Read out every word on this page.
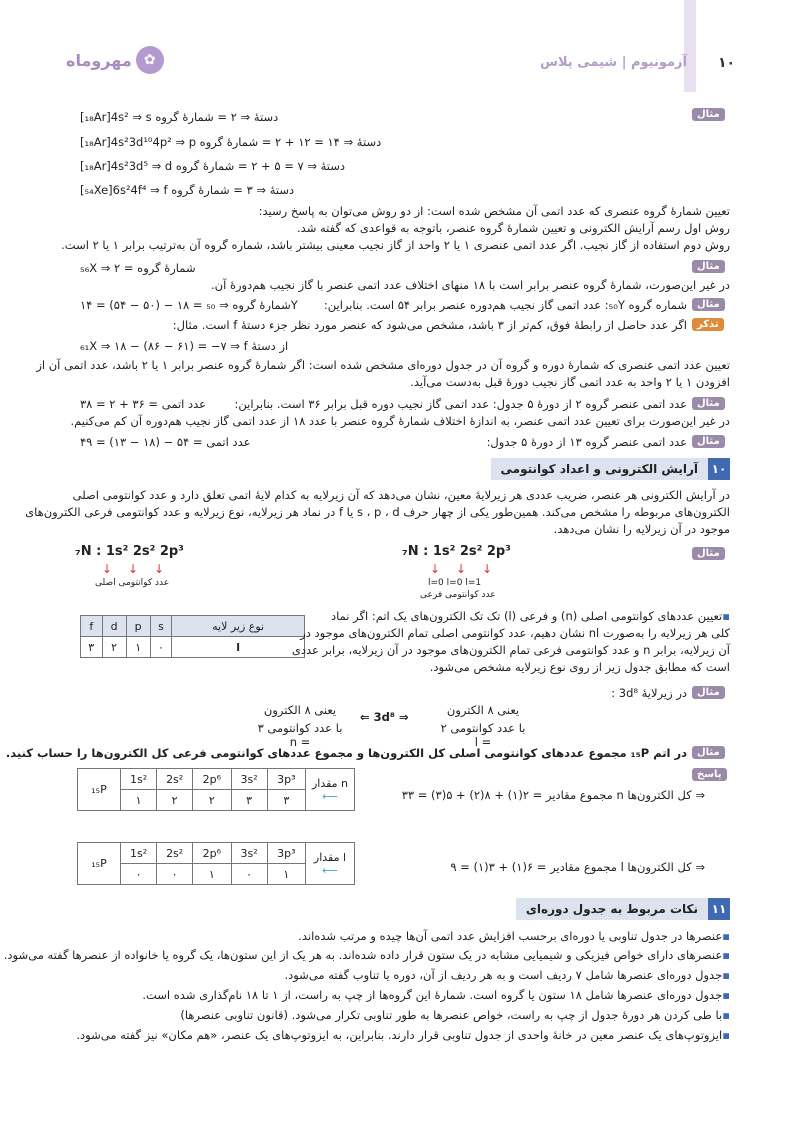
۱۰
آزمونیوم | شیمی پلاس
مهروماه ✿
مثال
[₁₈Ar]4s² ⇒ s دستهٔ ⇒ ۲ = شمارهٔ گروه
[₁₈Ar]4s²3d¹⁰4p² ⇒ p دستهٔ ⇒ ۱۴ = ۱۲ + ۲ = شمارهٔ گروه
[₁₈Ar]4s²3d⁵ ⇒ d دستهٔ ⇒ ۷ = ۵ + ۲ = شمارهٔ گروه
[₅₄Xe]6s²4f⁴ ⇒ f دستهٔ ⇒ ۳ = شمارهٔ گروه
تعیین شمارهٔ گروه عنصری که عدد اتمی آن مشخص شده است: از دو روش می‌توان به پاسخ رسید:
روش اول رسم آرایش الکترونی و تعیین شمارهٔ گروه عنصر، باتوجه به قواعدی که گفته شد.
روش دوم استفاده از گاز نجیب. اگر عدد اتمی عنصری ۱ یا ۲ واحد از گاز نجیب معینی بیشتر باشد، شماره گروه آن به‌ترتیب برابر ۱ یا ۲ است.
مثال
₅₆X ⇒ ۲ = شمارهٔ گروه
در غیر این‌صورت، شمارهٔ گروه عنصر برابر است با ۱۸ منهای اختلاف عدد اتمی عنصر با گاز نجیب هم‌دورهٔ آن.
مثال
شماره گروه ₅₀Y: عدد اتمی گاز نجیب هم‌دوره عنصر برابر ۵۴ است. بنابراین:
۱۴ = (۵۴ − ۵۰) − ۱۸ = شمارهٔ گروه ⇒ ₅₀Y
تذکر
اگر عدد حاصل از رابطهٔ فوق، کم‌تر از ۳ باشد، مشخص می‌شود که عنصر مورد نظر جزء دستهٔ f است. مثال:
₆₁X ⇒ ۱۸ − (۸۶ − ۶۱) = −۷ ⇒ f از دستهٔ
تعیین عدد اتمی عنصری که شمارهٔ دوره و گروه آن در جدول دوره‌ای مشخص شده است: اگر شمارهٔ گروه عنصر برابر ۱ یا ۲ باشد، عدد اتمی آن از
افزودن ۱ یا ۲ واحد به عدد اتمی گاز نجیب دورهٔ قبل به‌دست می‌آید.
مثال
عدد اتمی عنصر گروه ۲ از دورهٔ ۵ جدول: عدد اتمی گاز نجیب دوره قبل برابر ۳۶ است. بنابراین:
۳۸ = ۲ + ۳۶ = عدد اتمی
در غیر این‌صورت برای تعیین عدد اتمی عنصر، به اندازهٔ اختلاف شمارهٔ گروه عنصر با عدد ۱۸ از عدد اتمی گاز نجیب هم‌دوره آن کم می‌کنیم.
مثال
عدد اتمی عنصر گروه ۱۳ از دورهٔ ۵ جدول:
۴۹ = (۱۳ − ۱۸) − ۵۴ = عدد اتمی
۱۰
آرایش الکترونی و اعداد کوانتومی
در آرایش الکترونی هر عنصر، ضریب عددی هر زیرلایهٔ معین، نشان می‌دهد که آن زیرلایه به کدام لایهٔ اتمی تعلق دارد و عدد کوانتومی اصلی
الکترون‌های مربوطه را مشخص می‌کند. همین‌طور یکی از چهار حرف s ، p ، d یا f در نماد هر زیرلایه، نوع زیرلایه و عدد کوانتومی فرعی الکترون‌های
موجود در آن زیرلایه را نشان می‌دهد.
مثال
₇N : 1s² 2s² 2p³
↓↓↓
l=0 l=0 l=1
عدد کوانتومی فرعی
₇N : 1s² 2s² 2p³
↓↓↓
عدد کوانتومی اصلی
f	d	p	s	نوع زیر لایه
۳	۲	۱	۰	l
▪تعیین عددهای کوانتومی اصلی (n) و فرعی (l) تک تک الکترون‌های یک اتم: اگر نماد
کلی هر زیرلایه را به‌صورت nl نشان دهیم، عدد کوانتومی اصلی تمام الکترون‌های موجود در
آن زیرلایه، برابر n و عدد کوانتومی فرعی تمام الکترون‌های موجود در آن زیرلایه، برابر عددی
است که مطابق جدول زیر از روی نوع زیرلایه مشخص می‌شود.
مثال
در زیرلایهٔ 3d⁸ :
یعنی ۸ الکترون
با عدد کوانتومی ۲ = l
⇐ 3d⁸ ⇒
یعنی ۸ الکترون
با عدد کوانتومی ۳ = n
مثال
در اتم ₁₅P مجموع عددهای کوانتومی اصلی کل الکترون‌ها و مجموع عددهای کوانتومی فرعی کل الکترون‌ها را حساب کنید.
پاسخ
₁₅P	1s²	2s²	2p⁶	3s²	3p³	مقدار n
⟵
	۱	۲	۲	۳	۳		⇒ کل الکترون‌ها n مجموع مقادیر = ۲(۱) + ۸(۲) + ۵(۳) = ۳۳
₁₅P	1s²	2s²	2p⁶	3s²	3p³	مقدار l
⟵
	۰	۰	۱	۰	۱		⇒ کل الکترون‌ها l مجموع مقادیر = ۶(۱) + ۳(۱) = ۹
۱۱
نکات مربوط به جدول دوره‌ای
▪عنصرها در جدول تناوبی یا دوره‌ای برحسب افزایش عدد اتمی آن‌ها چیده و مرتب شده‌اند.
▪عنصرهای دارای خواص فیزیکی و شیمیایی مشابه در یک ستون قرار داده شده‌اند. به هر یک از این ستون‌ها، یک گروه یا خانواده از عنصرها گفته می‌شود.
▪جدول دوره‌ای عنصرها شامل ۷ ردیف است و به هر ردیف از آن، دوره یا تناوب گفته می‌شود.
▪جدول دوره‌ای عنصرها شامل ۱۸ ستون یا گروه است. شمارهٔ این گروه‌ها از چپ به راست، از ۱ تا ۱۸ نام‌گذاری شده است.
▪با طی کردن هر دورهٔ جدول از چپ به راست، خواص عنصرها به طور تناوبی تکرار می‌شود. (قانون تناوبی عنصرها)
▪ایزوتوپ‌های یک عنصر معین در خانهٔ واحدی از جدول تناوبی قرار دارند. بنابراین، به ایزوتوپ‌های یک عنصر، «هم مکان» نیز گفته می‌شود.
